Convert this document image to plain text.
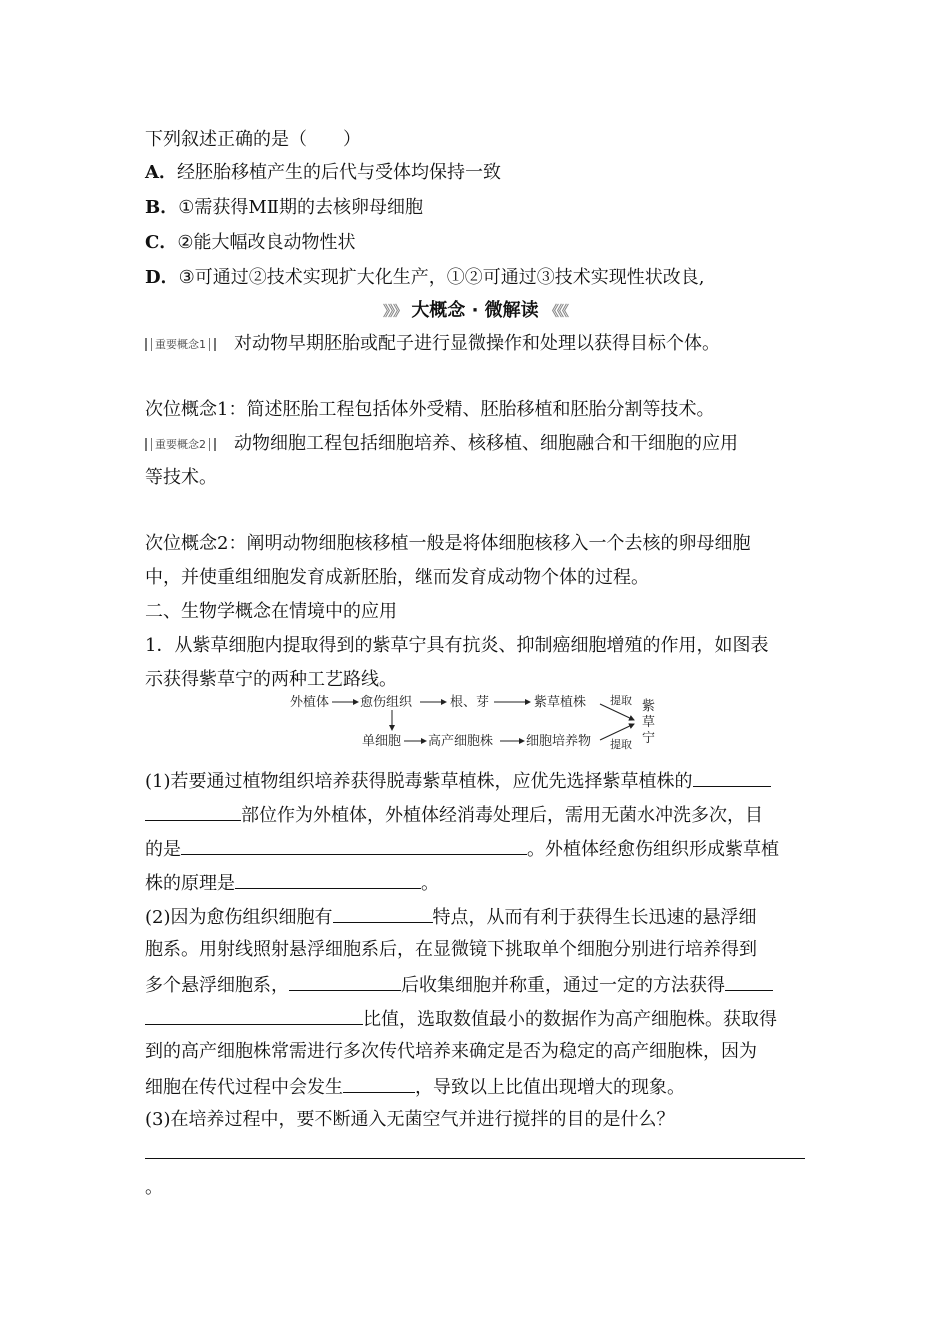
下列叙述正确的是（　　）
A．经胚胎移植产生的后代与受体均保持一致
B．①需获得MⅡ期的去核卵母细胞
C．②能大幅改良动物性状
D．③可通过②技术实现扩大化生产，①②可通过③技术实现性状改良,
》》》 大概念 · 微解读 《《《
重要概念1 对动物早期胚胎或配子进行显微操作和处理以获得目标个体。
次位概念1：简述胚胎工程包括体外受精、胚胎移植和胚胎分割等技术。
重要概念2 动物细胞工程包括细胞培养、核移植、细胞融合和干细胞的应用
等技术。
次位概念2：阐明动物细胞核移植一般是将体细胞核移入一个去核的卵母细胞
中，并使重组细胞发育成新胚胎，继而发育成动物个体的过程。
二、生物学概念在情境中的应用
1．从紫草细胞内提取得到的紫草宁具有抗炎、抑制癌细胞增殖的作用，如图表
示获得紫草宁的两种工艺路线。
外植体 愈伤组织	根、芽	紫草植株
单细胞 高产细胞株	细胞培养物
提取
提取
紫
草
宁
(1)若要通过植物组织培养获得脱毒紫草植株，应优先选择紫草植株的
部位作为外植体，外植体经消毒处理后，需用无菌水冲洗多次，目
的是	。外植体经愈伤组织形成紫草植
株的原理是	。
(2)因为愈伤组织细胞有	特点，从而有利于获得生长迅速的悬浮细
胞系。用射线照射悬浮细胞系后，在显微镜下挑取单个细胞分别进行培养得到
多个悬浮细胞系，	后收集细胞并称重，通过一定的方法获得
比值，选取数值最小的数据作为高产细胞株。获取得
到的高产细胞株常需进行多次传代培养来确定是否为稳定的高产细胞株，因为
细胞在传代过程中会发生	，导致以上比值出现增大的现象。
(3)在培养过程中，要不断通入无菌空气并进行搅拌的目的是什么？
。
